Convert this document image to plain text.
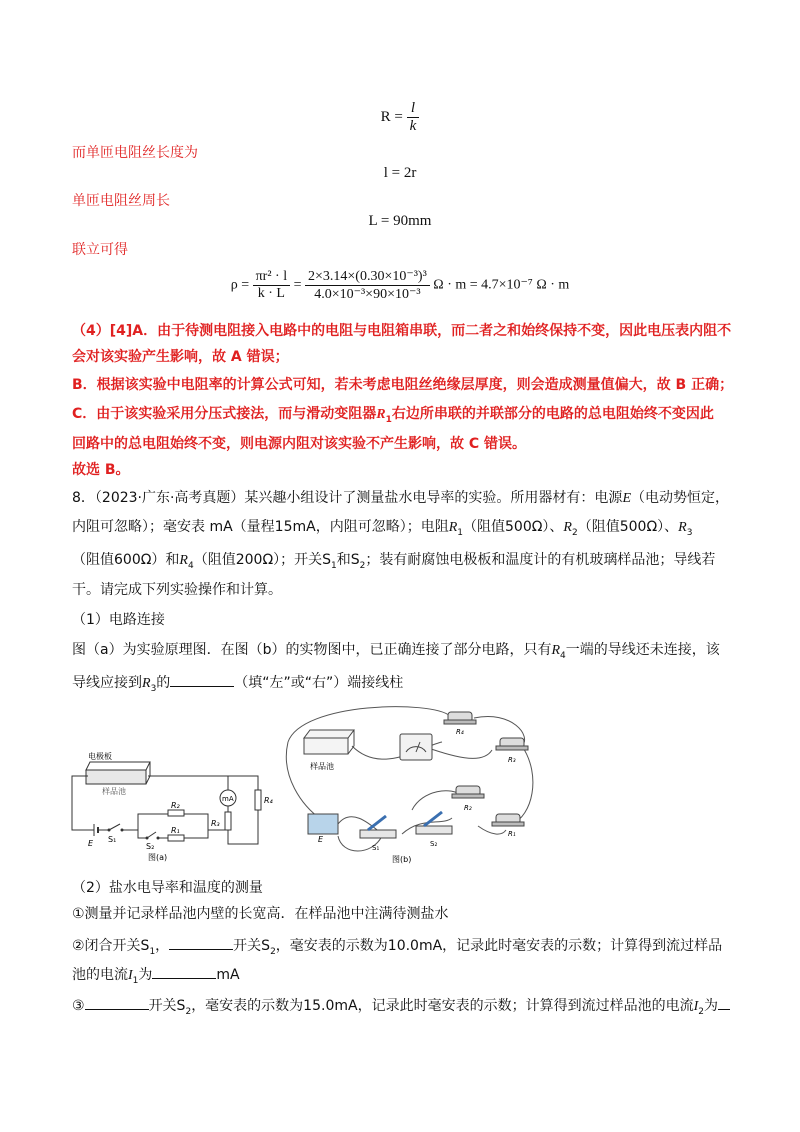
$R = \frac{l}{k}$
而单匝电阻丝长度为
l = 2r
单匝电阻丝周长
L = 90mm
联立可得
$\rho = \frac{\text{πr² · l}}{k \cdot L} = \frac{\text{2×3.14×(0.30×10⁻³)³}}{\text{4.0×10⁻³×90×10⁻³}}$ Ω · m = 4.7×10⁻⁷ Ω · m
（4）[4]A．由于待测电阻接入电路中的电阻与电阻箱串联，而二者之和始终保持不变，因此电压表内阻不
会对该实验产生影响，故 A 错误；
B．根据该实验中电阻率的计算公式可知，若未考虑电阻丝绝缘层厚度，则会造成测量值偏大，故 B 正确；
C．由于该实验采用分压式接法，而与滑动变阻器$R_1$右边所串联的并联部分的电路的总电阻始终不变因此
回路中的总电阻始终不变，则电源内阻对该实验不产生影响，故 C 错误。
故选 B。
8．（2023·广东·高考真题）某兴趣小组设计了测量盐水电导率的实验。所用器材有：电源E（电动势恒定，
内阻可忽略）；毫安表 mA（量程15mA，内阻可忽略）；电阻$R_1$（阻值500Ω）、$R_2$（阻值500Ω）、$R_3$
（阻值600Ω）和$R_4$（阻值200Ω）；开关$S_1$和$S_2$；装有耐腐蚀电极板和温度计的有机玻璃样品池；导线若
干。请完成下列实验操作和计算。
（1）电路连接
图（a）为实验原理图．在图（b）的实物图中，已正确连接了部分电路，只有$R_4$一端的导线还未连接，该
导线应接到$R_3$的	（填“左”或“右”）端接线柱
电极板
样品池
mA	R₄
R₃
E S₁
R₂
S₂
R₁
图(a)
样品池
R₄
R₃
R₂
R₁
E
S₁	S₂
图(b)
（2）盐水电导率和温度的测量
①测量并记录样品池内壁的长宽高．在样品池中注满待测盐水
②闭合开关$S_1$，	开关$S_2$，毫安表的示数为10.0mA，记录此时毫安表的示数；计算得到流过样品
池的电流$I_1$为	mA
③	开关$S_2$，毫安表的示数为15.0mA，记录此时毫安表的示数；计算得到流过样品池的电流$I_2$为
